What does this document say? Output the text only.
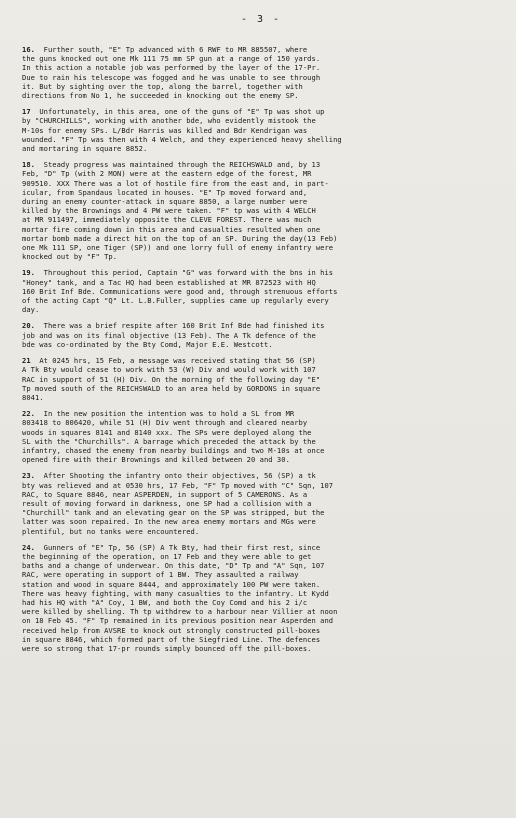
- 3 -

16. Further south, "E" Tp advanced with 6 RWF to MR 885507, where
the guns knocked out one Mk 111 75 mm SP gun at a range of 150 yards.
In this action a notable job was performed by the layer of the 17-Pr.
Due to rain his telescope was fogged and he was unable to see through
it. But by sighting over the top, along the barrel, together with
directions from No 1, he succeeded in knocking out the enemy SP.

17 Unfortunately, in this area, one of the guns of "E" Tp was shot up
by "CHURCHILLS", working with another bde, who evidently mistook the
M-10s for enemy SPs. L/Bdr Harris was killed and Bdr Kendrigan was
wounded. "F" Tp was then with 4 Welch, and they experienced heavy shelling
and mortaring in square 8852.

18. Steady progress was maintained through the REICHSWALD and, by 13
Feb, "D" Tp (with 2 MON) were at the eastern edge of the forest, MR
909510. XXX There was a lot of hostile fire from the east and, in part-
icular, from Spandaus located in houses. "E" Tp moved forward and,
during an enemy counter-attack in square 8850, a large number were
killed by the Brownings and 4 PW were taken. "F" tp was with 4 WELCH
at MR 911497, immediately opposite the CLEVE FOREST. There was much
mortar fire coming down in this area and casualties resulted when one
mortar bomb made a direct hit on the top of an SP. During the day(13 Feb)
one Mk 111 SP, one Tiger (SP)) and one lorry full of enemy infantry were
knocked out by "F" Tp.

19. Throughout this period, Captain "G" was forward with the bns in his
"Honey" tank, and a Tac HQ had been established at MR 872523 with HQ
160 Brit Inf Bde. Communications were good and, through strenuous efforts
of the acting Capt "Q" Lt. L.B.Fuller, supplies came up regularly every
day.

20. There was a brief respite after 160 Brit Inf Bde had finished its
job and was on its final objective (13 Feb). The A Tk defence of the
bde was co-ordinated by the Bty Comd, Major E.E. Westcott.

21 At 0245 hrs, 15 Feb, a message was received stating that 56 (SP)
A Tk Bty would cease to work with 53 (W) Div and would work with 107
RAC in support of 51 (H) Div. On the morning of the following day "E"
Tp moved south of the REICHSWALD to an area held by GORDONS in square
8041.

22. In the new position the intention was to hold a SL from MR
803418 to 806420, while 51 (H) Div went through and cleared nearby
woods in squares 8141 and 8140 xxx. The SPs were deployed along the
SL with the "Churchills". A barrage which preceded the attack by the
infantry, chased the enemy from nearby buildings and two M-10s at once
opened fire with their Brownings and killed between 20 and 30.

23. After Shooting the infantry onto their objectives, 56 (SP) a tk
bty was relieved and at 0530 hrs, 17 Feb, "F" Tp moved with "C" Sqn, 107
RAC, to Square 8846, near ASPERDEN, in support of 5 CAMERONS. As a
result of moving forward in darkness, one SP had a collision with a
"Churchill" tank and an elevating gear on the SP was stripped, but the
latter was soon repaired. In the new area enemy mortars and MGs were
plentiful, but no tanks were encountered.

24. Gunners of "E" Tp, 56 (SP) A Tk Bty, had their first rest, since
the beginning of the operation, on 17 Feb and they were able to get
baths and a change of underwear. On this date, "D" Tp and "A" Sqn, 107
RAC, were operating in support of 1 BW. They assaulted a railway
station and wood in square 8444, and approximately 100 PW were taken.
There was heavy fighting, with many casualties to the infantry. Lt Kydd
had his HQ with "A" Coy, 1 BW, and both the Coy Comd and his 2 i/c
were killed by shelling. Th tp withdrew to a harbour near Villier at noon
on 18 Feb 45. "F" Tp remained in its previous position near Asperden and
received help from AVSRE to knock out strongly constructed pill-boxes
in square 8846, which formed part of the Siegfried Line. The defences
were so strong that 17-pr rounds simply bounced off the pill-boxes.
